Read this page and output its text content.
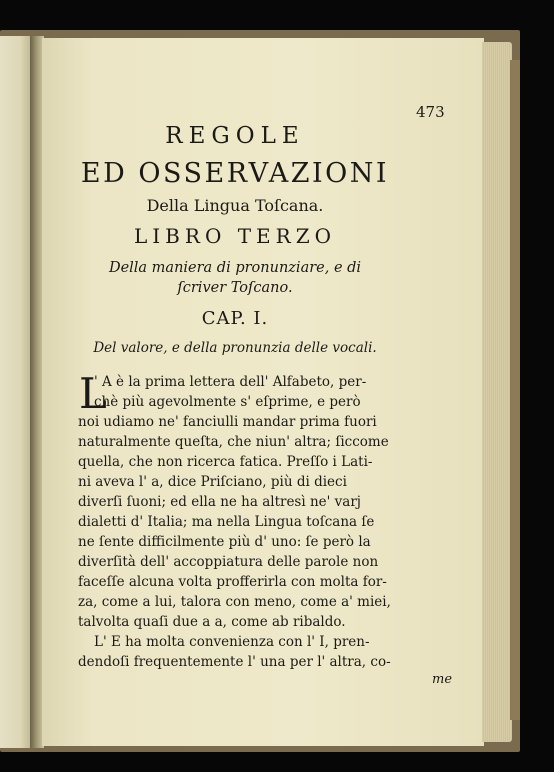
473
REGOLE
ED OSSERVAZIONI
Della Lingua Toſcana.
LIBRO TERZO
Della maniera di pronunziare, e di
ſcriver Toſcano.
CAP. I.
Del valore, e della pronunzia delle vocali.
L
' A è la prima lettera dell' Alfabeto, per-
chè più agevolmente s' eſprime, e però
noi udiamo ne' fanciulli mandar prima fuori
naturalmente queſta, che niun' altra; ſiccome
quella, che non ricerca fatica. Preſſo i Lati-
ni aveva l' a, dice Priſciano, più di dieci
diverſi ſuoni; ed ella ne ha altresì ne' varj
dialetti d' Italia; ma nella Lingua toſcana ſe
ne ſente difficilmente più d' uno: ſe però la
diverſità dell' accoppiatura delle parole non
faceſſe alcuna volta profferirla con molta for-
za, come a lui, talora con meno, come a' miei,
talvolta quaſi due a a, come ab ribaldo.
L' E ha molta convenienza con l' I, pren-
dendoſi frequentemente l' una per l' altra, co-
me
